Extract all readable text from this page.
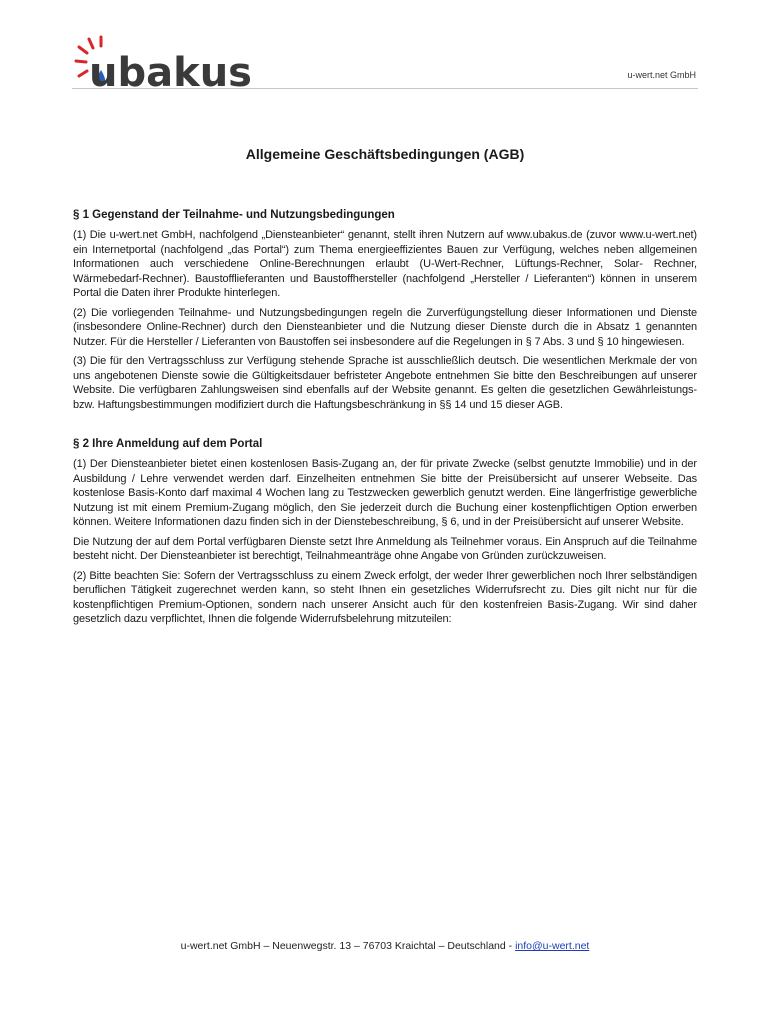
ubakus	u-wert.net GmbH
Allgemeine Geschäftsbedingungen (AGB)
§ 1 Gegenstand der Teilnahme- und Nutzungsbedingungen

(1) Die u-wert.net GmbH, nachfolgend „Diensteanbieter“ genannt, stellt ihren Nutzern auf www.ubakus.de (zuvor www.u-wert.net) ein Internetportal (nachfolgend „das Portal“) zum Thema energieeffizientes Bauen zur Verfügung, welches neben allgemeinen Informationen auch verschiedene Online-Berechnungen erlaubt (U-Wert-Rechner, Lüftungs-Rechner, Solar- Rechner, Wärmebedarf-Rechner). Baustofflieferanten und Baustoffhersteller (nachfolgend „Hersteller / Lieferanten“) können in unserem Portal die Daten ihrer Produkte hinterlegen.

(2) Die vorliegenden Teilnahme- und Nutzungsbedingungen regeln die Zurverfügungstellung dieser Informationen und Dienste (insbesondere Online-Rechner) durch den Diensteanbieter und die Nutzung dieser Dienste durch die in Absatz 1 genannten Nutzer. Für die Hersteller / Lieferanten von Baustoffen sei insbesondere auf die Regelungen in § 7 Abs. 3 und § 10 hingewiesen.

(3) Die für den Vertragsschluss zur Verfügung stehende Sprache ist ausschließlich deutsch. Die wesentlichen Merkmale der von uns angebotenen Dienste sowie die Gültigkeitsdauer befristeter Angebote entnehmen Sie bitte den Beschreibungen auf unserer Website. Die verfügbaren Zahlungsweisen sind ebenfalls auf der Website genannt. Es gelten die gesetzlichen Gewährleistungs- bzw. Haftungsbestimmungen modifiziert durch die Haftungsbeschränkung in §§ 14 und 15 dieser AGB.

§ 2 Ihre Anmeldung auf dem Portal

(1) Der Diensteanbieter bietet einen kostenlosen Basis-Zugang an, der für private Zwecke (selbst genutzte Immobilie) und in der Ausbildung / Lehre verwendet werden darf. Einzelheiten entnehmen Sie bitte der Preisübersicht auf unserer Webseite. Das kostenlose Basis-Konto darf maximal 4 Wochen lang zu Testzwecken gewerblich genutzt werden. Eine längerfristige gewerbliche Nutzung ist mit einem Premium-Zugang möglich, den Sie jederzeit durch die Buchung einer kostenpflichtigen Option erwerben können. Weitere Informationen dazu finden sich in der Dienstebeschreibung, § 6, und in der Preisübersicht auf unserer Website.

Die Nutzung der auf dem Portal verfügbaren Dienste setzt Ihre Anmeldung als Teilnehmer voraus. Ein Anspruch auf die Teilnahme besteht nicht. Der Diensteanbieter ist berechtigt, Teilnahmeanträge ohne Angabe von Gründen zurückzuweisen.

(2) Bitte beachten Sie: Sofern der Vertragsschluss zu einem Zweck erfolgt, der weder Ihrer gewerblichen noch Ihrer selbständigen beruflichen Tätigkeit zugerechnet werden kann, so steht Ihnen ein gesetzliches Widerrufsrecht zu. Dies gilt nicht nur für die kostenpflichtigen Premium-Optionen, sondern nach unserer Ansicht auch für den kostenfreien Basis-Zugang. Wir sind daher gesetzlich dazu verpflichtet, Ihnen die folgende Widerrufsbelehrung mitzuteilen:

u-wert.net GmbH – Neuenwegstr. 13 – 76703 Kraichtal – Deutschland - info@u-wert.net
